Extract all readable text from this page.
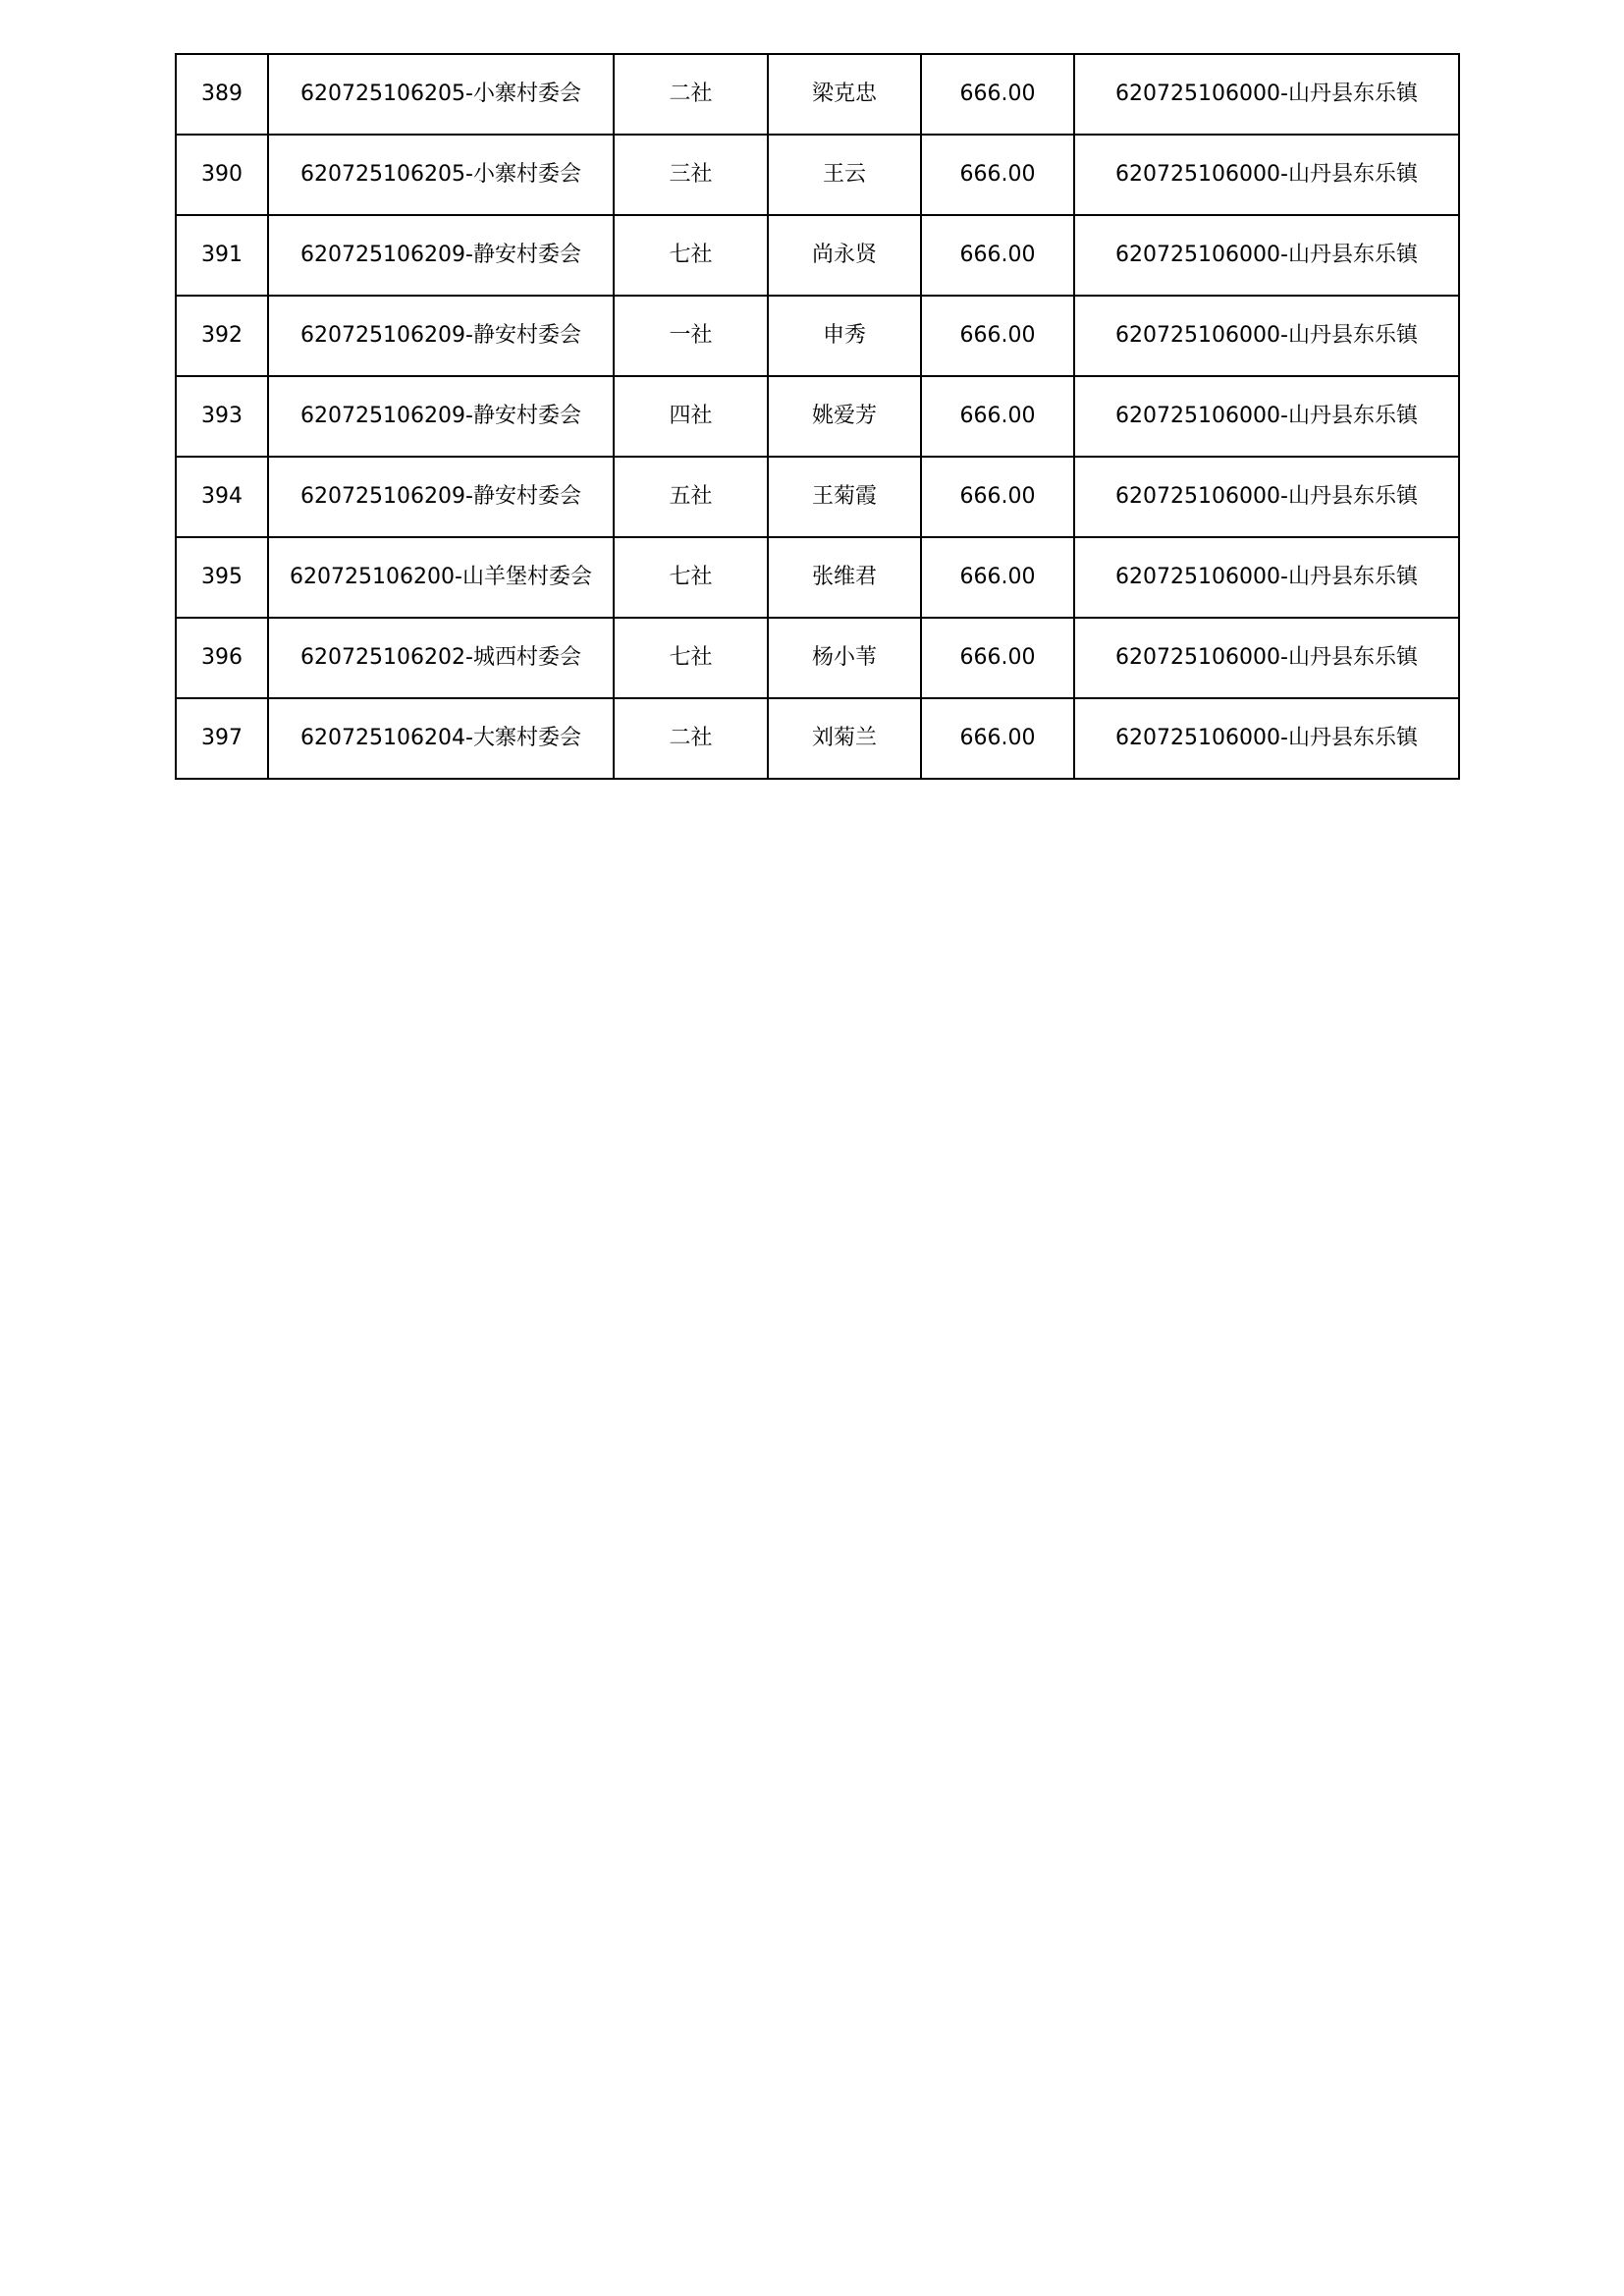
389	620725106205-小寨村委会	二社	梁克忠	666.00	620725106000-山丹县东乐镇
390	620725106205-小寨村委会	三社	王云	666.00	620725106000-山丹县东乐镇
391	620725106209-静安村委会	七社	尚永贤	666.00	620725106000-山丹县东乐镇
392	620725106209-静安村委会	一社	申秀	666.00	620725106000-山丹县东乐镇
393	620725106209-静安村委会	四社	姚爱芳	666.00	620725106000-山丹县东乐镇
394	620725106209-静安村委会	五社	王菊霞	666.00	620725106000-山丹县东乐镇
395	620725106200-山羊堡村委会	七社	张维君	666.00	620725106000-山丹县东乐镇
396	620725106202-城西村委会	七社	杨小苇	666.00	620725106000-山丹县东乐镇
397	620725106204-大寨村委会	二社	刘菊兰	666.00	620725106000-山丹县东乐镇
